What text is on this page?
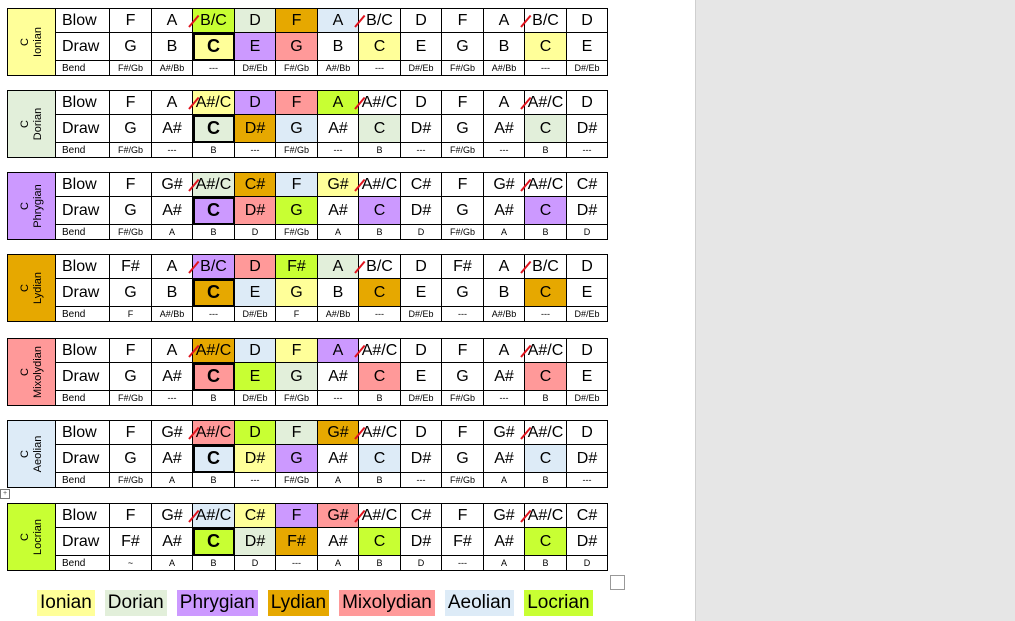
C Ionian	Blow	F	A	B/C	D	F	A	B/C	D	F	A	B/C	D
	Draw	G	B	C	E	G	B	C	E	G	B	C	E
	Bend	F#/Gb	A#/Bb	---	D#/Eb	F#/Gb	A#/Bb	---	D#/Eb	F#/Gb	A#/Bb	---	D#/Eb
C Dorian	Blow	F	A	A#/C	D	F	A	A#/C	D	F	A	A#/C	D
	Draw	G	A#	C	D#	G	A#	C	D#	G	A#	C	D#
	Bend	F#/Gb	---	B	---	F#/Gb	---	B	---	F#/Gb	---	B	---
C Phrygian	Blow	F	G#	A#/C	C#	F	G#	A#/C	C#	F	G#	A#/C	C#
	Draw	G	A#	C	D#	G	A#	C	D#	G	A#	C	D#
	Bend	F#/Gb	A	B	D	F#/Gb	A	B	D	F#/Gb	A	B	D
C Lydian	Blow	F#	A	B/C	D	F#	A	B/C	D	F#	A	B/C	D
	Draw	G	B	C	E	G	B	C	E	G	B	C	E
	Bend	F	A#/Bb	---	D#/Eb	F	A#/Bb	---	D#/Eb	---	A#/Bb	---	D#/Eb
C Mixolydian	Blow	F	A	A#/C	D	F	A	A#/C	D	F	A	A#/C	D
	Draw	G	A#	C	E	G	A#	C	E	G	A#	C	E
	Bend	F#/Gb	---	B	D#/Eb	F#/Gb	---	B	D#/Eb	F#/Gb	---	B	D#/Eb
C Aeolian	Blow	F	G#	A#/C	D	F	G#	A#/C	D	F	G#	A#/C	D
	Draw	G	A#	C	D#	G	A#	C	D#	G	A#	C	D#
	Bend	F#/Gb	A	B	---	F#/Gb	A	B	---	F#/Gb	A	B	---
C Locrian	Blow	F	G#	A#/C	C#	F	G#	A#/C	C#	F	G#	A#/C	C#
	Draw	F#	A#	C	D#	F#	A#	C	D#	F#	A#	C	D#
	Bend	~	A	B	D	---	A	B	D	---	A	B	D
+
Ionian Dorian Phrygian Lydian Mixolydian Aeolian Locrian
